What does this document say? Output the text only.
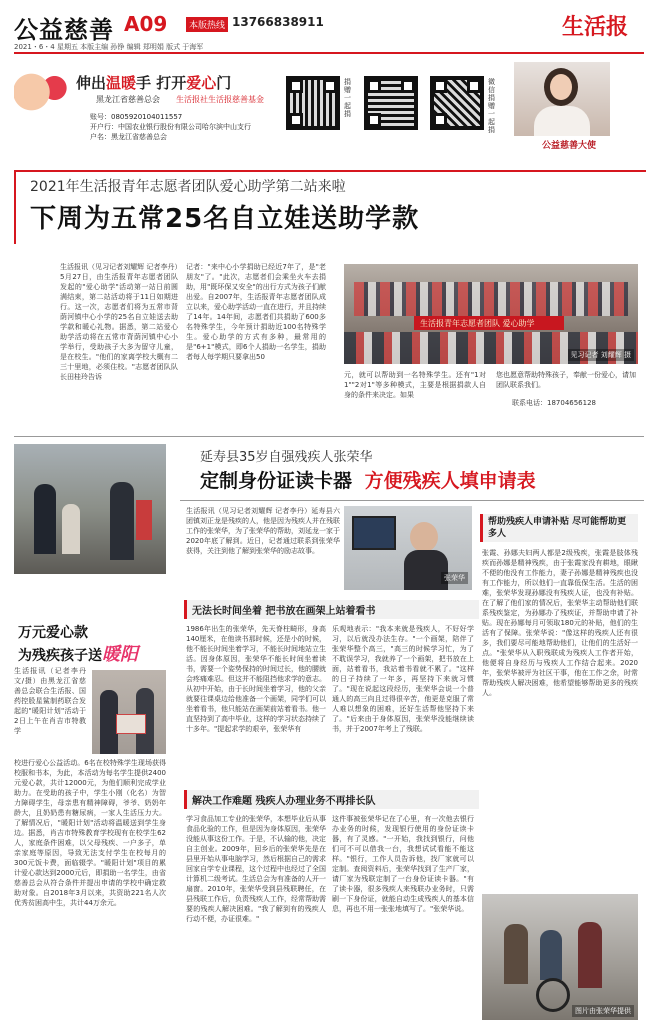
公益慈善 A09	本版热线 13766838911	生活报
2021・6・4 星期五 本版主编 孙铮 编辑 郑明娟 版式 于海军
伸出温暖手 打开爱心门
黑龙江省慈善总会 生活报社生活报慈善基金
账号：0805920104011557
开户行：中国农业银行股份有限公司哈尔滨中山支行
户名：黑龙江省慈善总会
捐赠一起捐
微信捐赠一起捐
公益慈善大使
2021年生活报青年志愿者团队爱心助学第二站来啦
下周为五常25名自立娃送助学款
生活报讯（见习记者刘耀辉 记者李丹）5月27日，由生活报青年志愿者团队发起的"爱心助学"活动第一站日前圆满结束，第二站活动将于11日如期进行。这一次，志愿者们将为五常市背荫河镇中心小学的25名自立娃送去助学款和暖心礼物。据悉，第二站爱心助学活动将在五常市背荫河镇中心小学举行，受助孩子大多为留守儿童，是在校生。"他们的家离学校大概有二三十里地，必须住校。"志愿者团队队长田桂玲告诉
记者："来中心小学捐助已经近7年了，是"老朋友"了。"此次，志愿者们会乘坐火车去捐助，用"既环保又安全"的出行方式为孩子们献出爱。自2007年，生活报青年志愿者团队成立以来，爱心助学活动一直在进行，并且持续了14年。14年间，志愿者们共捐助了600多名特殊学生，今年预计捐助近100名特殊学生。爱心助学的方式有多种，最常用的是"6+1"模式，即6个人捐助一名学生，捐助者每人每学期只要拿出50
生活报青年志愿者团队 爱心助学
见习记者 刘耀辉 摄
元，就可以帮助到一名特殊学生。还有"1对1""2对1"等多种模式，主要是根据捐款人自身的条件来决定。如果
您也愿意帮助特殊孩子，奉献一份爱心，请加团队联系我们。
联系电话：18704656128
万元爱心款
为残疾孩子送暖阳
生活报讯（记者李丹 文/摄）由黑龙江省慈善总会联合生活报、国药控股星鲨制药联合发起的"暖阳计划"活动于2日上午在肖吉市特教学
校进行爱心公益活动。6名在校特殊学生现场获得校服和书本，为此，本活动为每名学生提供2400元爱心款，共计12000元，为他们顺利完成学业助力。在受助的孩子中，学生小刚（化名）为智力障碍学生，母亲患有精神障碍，爷爷、奶奶年龄大，且奶奶患有糖尿病，一家人生活压力大。了解情况后，"暖阳计划"活动将温暖送到学生身边。据悉，肖吉市特殊教育学校现有在校学生62人，家庭条件困难，以父母残疾、一户多子，单亲家庭等原因，导致无法支付学生在校每月的300元饭卡费，面临辍学。"暖阳计划"项目的累计爱心款达到2000元后，即捐助一名学生，由省慈善总会从符合条件并提出申请的学校中确定救助对象。自2018年3月以来，共资助221名人次优秀贫困高中生，共计44万余元。
延寿县35岁自强残疾人张荣华
定制身份证读卡器 方便残疾人填申请表
生活报讯（见习记者刘耀辉 记者李丹）延寿县六团镇刘正龙是残疾的人，他是因为残疾人并在残联工作的张荣华，为了张荣华的帮助，刘延龙一家于2020年底了解到。近日，记者通过联系到张荣华获得，关注到他了解到张荣华的励志故事。
张荣华
帮助残疾人申请补贴 尽可能帮助更多人
张霞、孙娜夫妇两人都是2级残疾，张霞是肢体残疾而孙娜是精神残疾，由于张霞家没有耕地，眼瞅不便的他没有工作能力，妻子孙娜是精神残疾也没有工作能力，所以他们一直靠低保生活。生活的困难，张荣华发现孙娜没有残疾人证，也没有补贴。在了解了他们家的情况后，张荣华主动帮助他们联系残疾鉴定，为孙娜办了残疾证，并帮助申请了补贴。现在孙娜每月可领取180元的补贴，他们的生活有了保障。张荣华说："像这样的残疾人还有很多，我们要尽可能地帮助他们，让他们的生活好一点。"张荣华从入职残联成为残疾人工作者开始，他便将自身经历与残疾人工作结合起来。2020年，张荣华被评为社区干事，他在工作之余，时常帮助残疾人解决困难，他希望能够帮助更多的残疾人。
无法长时间坐着 把书放在画架上站着看书
1986年出生的张荣华，先天脊柱畸形，身高140厘米，在他读书那时候，还是小的时候，他不能长时间坐着学习，不能长时间地站立生活。因身体原因，张荣华不能长时间坐着读书，需要一个姿势保持的时间过长，他的腰就会疼痛难忍。但这并不能阻挡他求学的意志。从初中开始，由于长时间坐着学习，他的父亲就要往课桌边给他准备一个画架，同学们可以坐着看书，他只能站在画架前站着看书。他一直坚持到了高中毕业，这样的学习状态持续了十多年。"提起求学的艰辛，张荣华有
乐观地表示："我本来就是残疾人，不好好学习，以后就没办法生存。"一个画架，陪伴了张荣华整个高三，"高三的时候学习忙，为了不耽误学习，我就养了一个画架，把书放在上面，站着看书，我站着书看就不累了。"这样的日子持续了一年多，再坚持下来就习惯了。"现在说起这段经历，张荣华会说一个普通人的高三向且过得很辛苦，他更是克服了常人难以想象的困难，还好生活帮他坚持下来了。"后来由于身体原因，张荣华没能继续读书，并于2007年考上了残联。
解决工作难题 残疾人办理业务不再排长队
学习食品加工专业的张荣华，本想毕业后从事食品化验的工作，但是因为身体原因，张荣华没能从事这份工作。于是，不认输的他，决定自主创业。2009年，回乡后的张荣华先是在县里开始从事电脑学习，然后根据自己的需求回家自学专业课程，这个过程中也经过了全国计算机二级考试。生活总会为有准备的人开一扇窗。2010年，张荣华受到县残联聘任，在县残联工作后，负责残疾人工作，经常帮助需要的残疾人解决困难。"我了解到有的残疾人行动不便，办证很难。"
这件事被张荣华记在了心里，有一次他去银行办业务的时候，发现银行使用的身份证读卡器，有了灵感。"一开始，我找到银行，问他们可不可以借我一台，我想试试看能不能这样。"银行，工作人员告诉他，找厂家就可以定制。查阅资料后，张荣华找到了生产厂家，请厂家为残联定制了一台身份证读卡器。"有了读卡器，很多残疾人来残联办业务时，只需刷一下身份证，就能自动生成残疾人的基本信息，再也不用一张张地填写了。"张荣华说。
图片由张荣华提供
